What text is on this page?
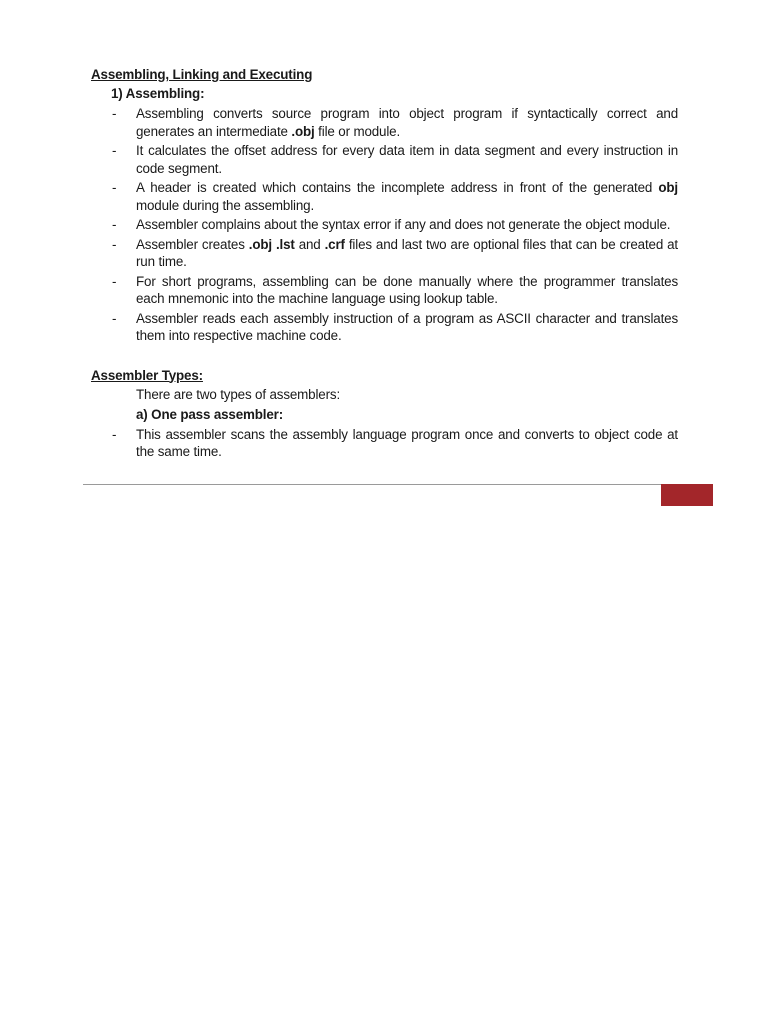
Assembling, Linking and Executing

1) Assembling:

- Assembling converts source program into object program if syntactically correct and generates an intermediate .obj file or module.
- It calculates the offset address for every data item in data segment and every instruction in code segment.
- A header is created which contains the incomplete address in front of the generated obj module during the assembling.
- Assembler complains about the syntax error if any and does not generate the object module.
- Assembler creates .obj .lst and .crf files and last two are optional files that can be created at run time.
- For short programs, assembling can be done manually where the programmer translates each mnemonic into the machine language using lookup table.
- Assembler reads each assembly instruction of a program as ASCII character and translates them into respective machine code.

Assembler Types:

There are two types of assemblers:

a) One pass assembler:

- This assembler scans the assembly language program once and converts to object code at the same time.
